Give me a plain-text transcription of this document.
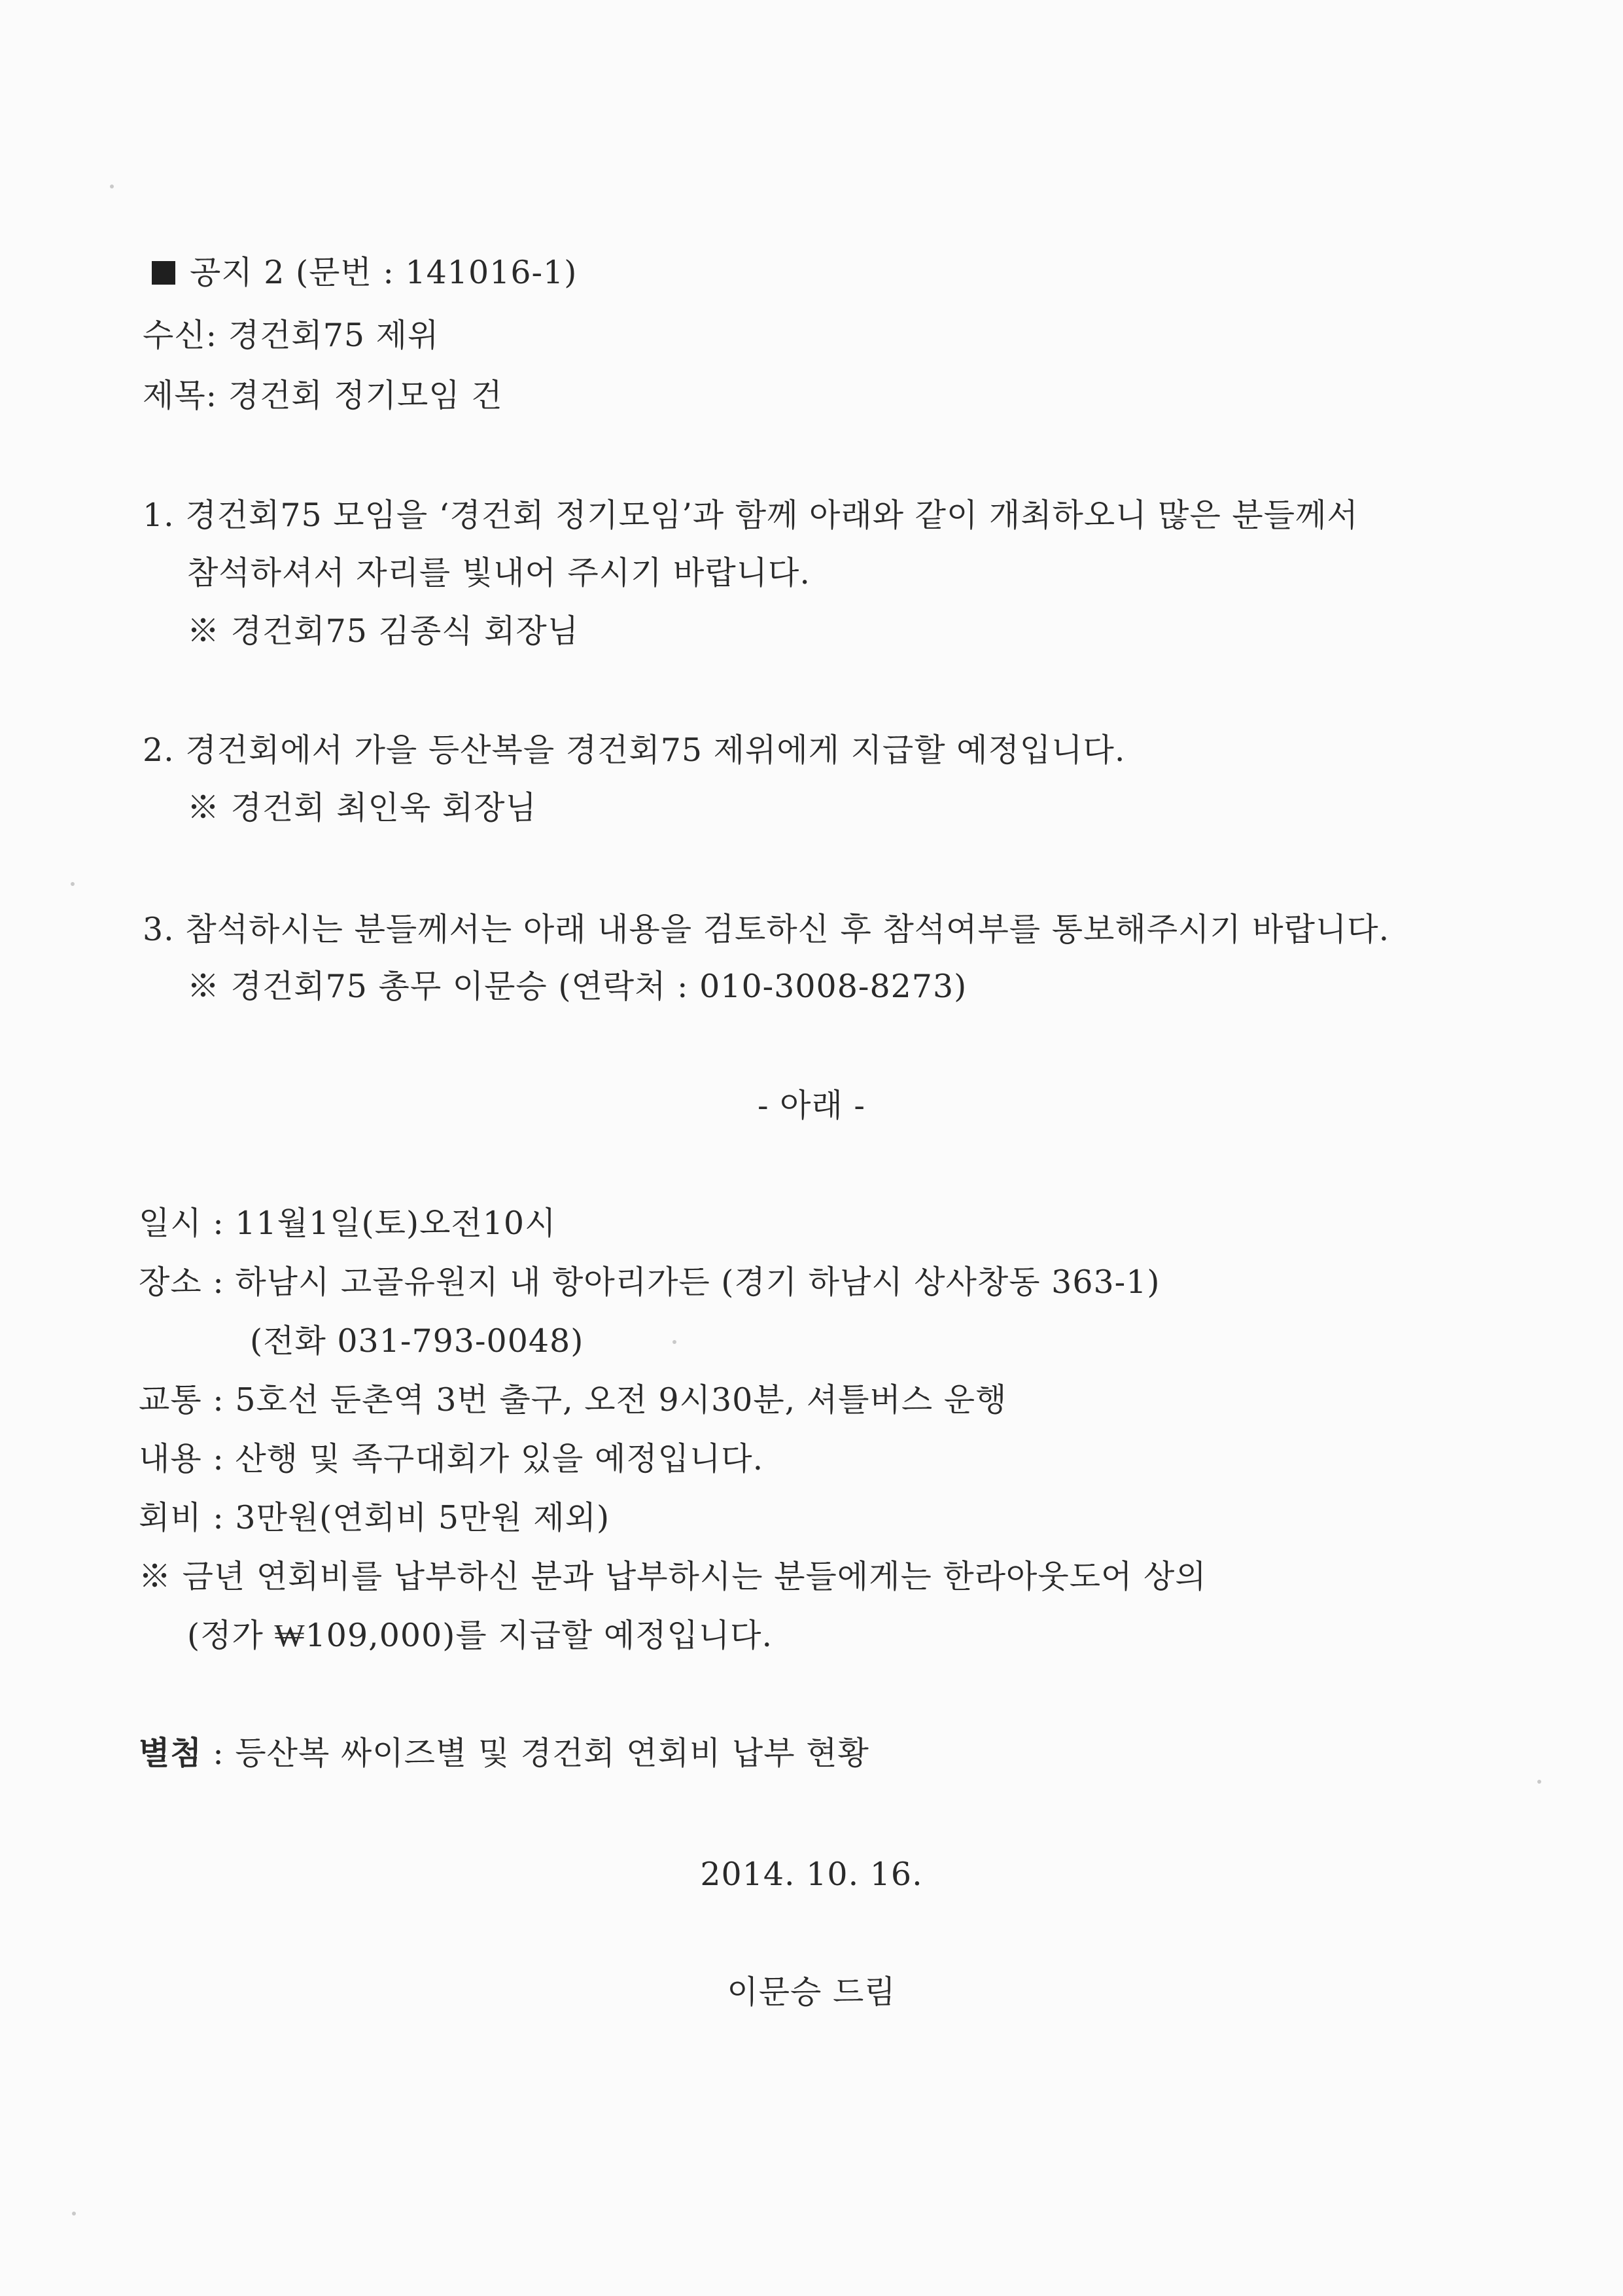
공지 2 (문번 : 141016-1)
수신: 경건회75 제위
제목: 경건회 정기모임 건
1. 경건회75 모임을 ‘경건회 정기모임’과 함께 아래와 같이 개최하오니 많은 분들께서
참석하셔서 자리를 빛내어 주시기 바랍니다.
※ 경건회75 김종식 회장님
2. 경건회에서 가을 등산복을 경건회75 제위에게 지급할 예정입니다.
※ 경건회 최인욱 회장님
3. 참석하시는 분들께서는 아래 내용을 검토하신 후 참석여부를 통보해주시기 바랍니다.
※ 경건회75 총무 이문승 (연락처 : 010-3008-8273)
- 아래 -
일시 : 11월1일(토)오전10시
장소 : 하남시 고골유원지 내 항아리가든 (경기 하남시 상사창동 363-1)
(전화 031-793-0048)
교통 : 5호선 둔촌역 3번 출구, 오전 9시30분, 셔틀버스 운행
내용 : 산행 및 족구대회가 있을 예정입니다.
회비 : 3만원(연회비 5만원 제외)
※ 금년 연회비를 납부하신 분과 납부하시는 분들에게는 한라아웃도어 상의
(정가 ₩109,000)를 지급할 예정입니다.
별첨 : 등산복 싸이즈별 및 경건회 연회비 납부 현황
2014. 10. 16.
이문승 드림
